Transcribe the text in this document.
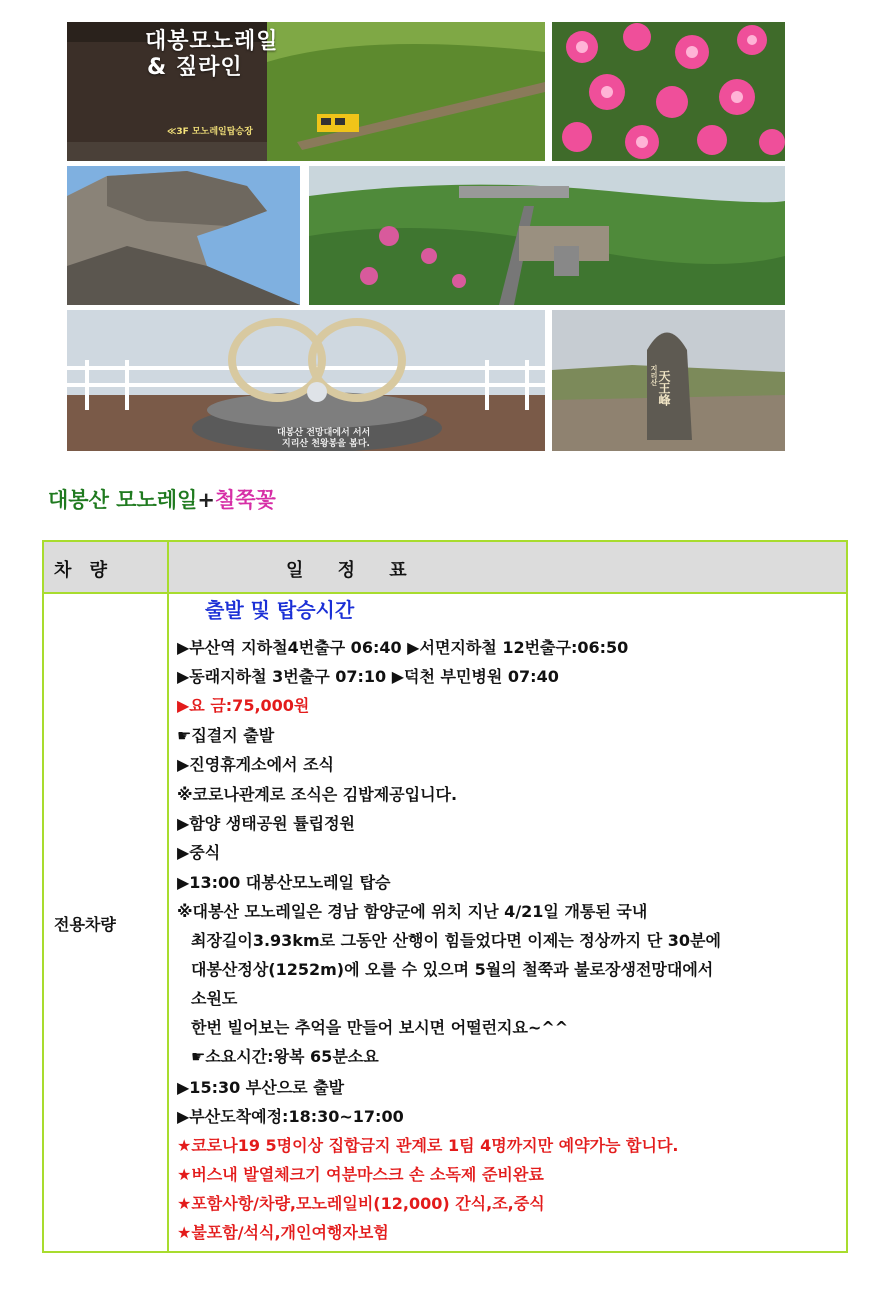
대봉모노레일
& 짚라인
≪3F 모노레일탑승장
대봉산 전망대에서 서서
지리산 천왕봉을 봄다.
天王峰
지리산
대봉산 모노레일+철쭉꽃
차 량	일 정 표
전용차량
출발 및 탑승시간
▶부산역 지하철4번출구 06:40 ▶서면지하철 12번출구:06:50
▶동래지하철 3번출구 07:10 ▶덕천 부민병원 07:40
▶요 금:75,000원
☛집결지 출발
▶진영휴게소에서 조식
※코로나관계로 조식은 김밥제공입니다.
▶함양 생태공원 튤립정원
▶중식
▶13:00 대봉산모노레일 탑승
※대봉산 모노레일은 경남 함양군에 위치 지난 4/21일 개통된 국내
최장길이3.93km로 그동안 산행이 힘들었다면 이제는 정상까지 단 30분에
대봉산정상(1252m)에 오를 수 있으며 5월의 철쭉과 불로장생전망대에서
소원도
한번 빌어보는 추억을 만들어 보시면 어떨런지요~^^
☛소요시간:왕복 65분소요
▶15:30 부산으로 출발
▶부산도착예정:18:30~17:00
★코로나19 5명이상 집합금지 관계로 1팀 4명까지만 예약가능 합니다.
★버스내 발열체크기 여분마스크 손 소독제 준비완료
★포함사항/차량,모노레일비(12,000) 간식,조,중식
★불포함/석식,개인여행자보험
